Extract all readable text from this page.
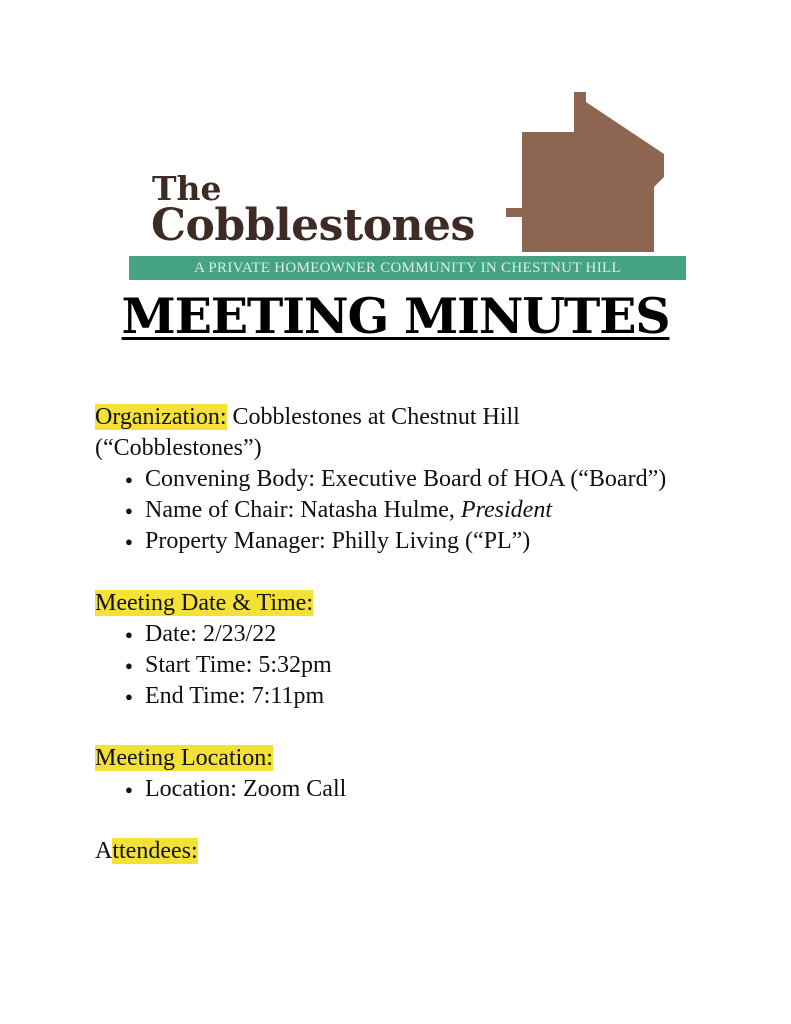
The
Cobblestones
A PRIVATE HOMEOWNER COMMUNITY IN CHESTNUT HILL
MEETING MINUTES

Organization: Cobblestones at Chestnut Hill
(“Cobblestones”)

● Convening Body: Executive Board of HOA (“Board”)
● Name of Chair: Natasha Hulme, President
● Property Manager: Philly Living (“PL”)

Meeting Date & Time:

● Date: 2/23/22
● Start Time: 5:32pm
● End Time: 7:11pm

Meeting Location:

● Location: Zoom Call

Attendees:
